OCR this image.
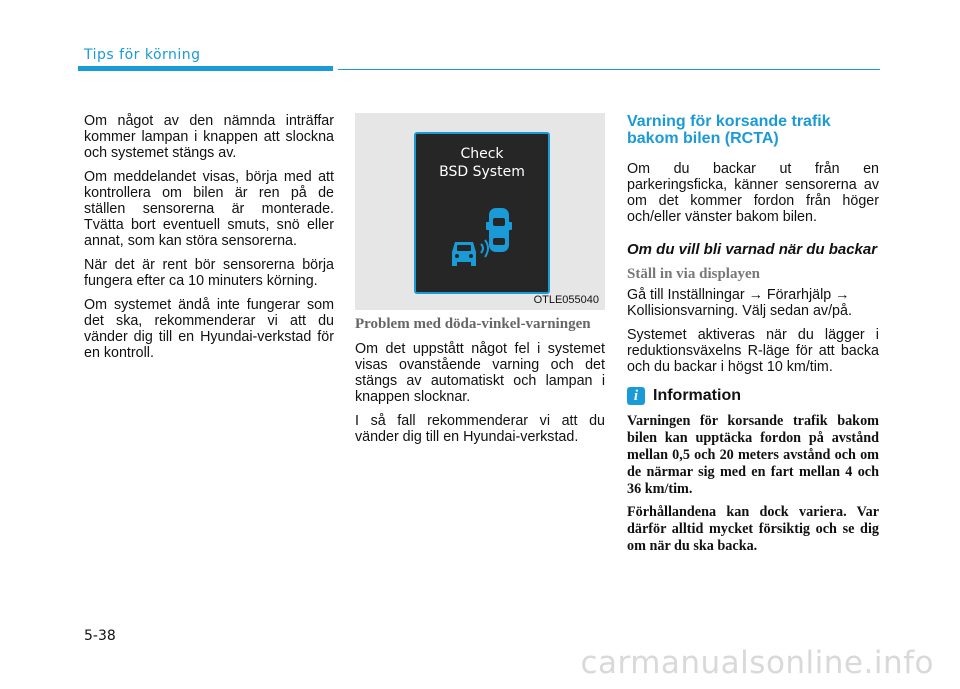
Tips för körning

Om något av den nämnda inträffar kommer lampan i knappen att slockna och systemet stängs av.

Om meddelandet visas, börja med att kontrollera om bilen är ren på de ställen sensorerna är monterade. Tvätta bort eventuell smuts, snö eller annat, som kan störa sensorerna.

När det är rent bör sensorerna börja fungera efter ca 10 minuters körning.

Om systemet ändå inte fungerar som det ska, rekommenderar vi att du vänder dig till en Hyundai-verkstad för en kontroll.

Check
BSD System
OTLE055040
Problem med döda-vinkel-varningen

Om det uppstått något fel i systemet visas ovanstående varning och det stängs av automatiskt och lampan i knappen slocknar.

I så fall rekommenderar vi att du vänder dig till en Hyundai-verkstad.

Varning för korsande trafik bakom bilen (RCTA)

Om du backar ut från en parkeringsficka, känner sensorerna av om det kommer fordon från höger och/eller vänster bakom bilen.

Om du vill bli varnad när du backar
Ställ in via displayen

Gå till Inställningar → Förarhjälp → Kollisionsvarning. Välj sedan av/på.

Systemet aktiveras när du lägger i reduktionsväxelns R-läge för att backa och du backar i högst 10 km/tim.

i Information

Varningen för korsande trafik bakom bilen kan upptäcka fordon på avstånd mellan 0,5 och 20 meters avstånd och om de närmar sig med en fart mellan 4 och 36 km/tim.

Förhållandena kan dock variera. Var därför alltid mycket försiktig och se dig om när du ska backa.

5-38
carmanualsonline.info
